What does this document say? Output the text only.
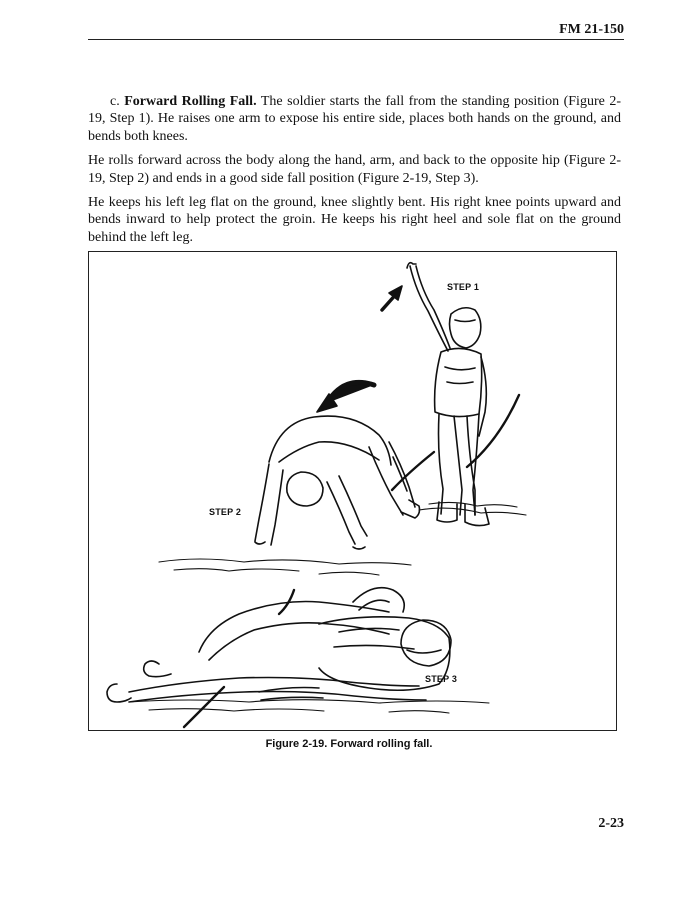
FM 21-150

c. Forward Rolling Fall. The soldier starts the fall from the standing position (Figure 2-19, Step 1). He raises one arm to expose his entire side, places both hands on the ground, and bends both knees.

He rolls forward across the body along the hand, arm, and back to the opposite hip (Figure 2-19, Step 2) and ends in a good side fall position (Figure 2-19, Step 3).

He keeps his left leg flat on the ground, knee slightly bent. His right knee points upward and bends inward to help protect the groin. He keeps his right heel and sole flat on the ground behind the left leg.

STEP 1
STEP 2
STEP 3
Figure 2-19. Forward rolling fall.
2-23
